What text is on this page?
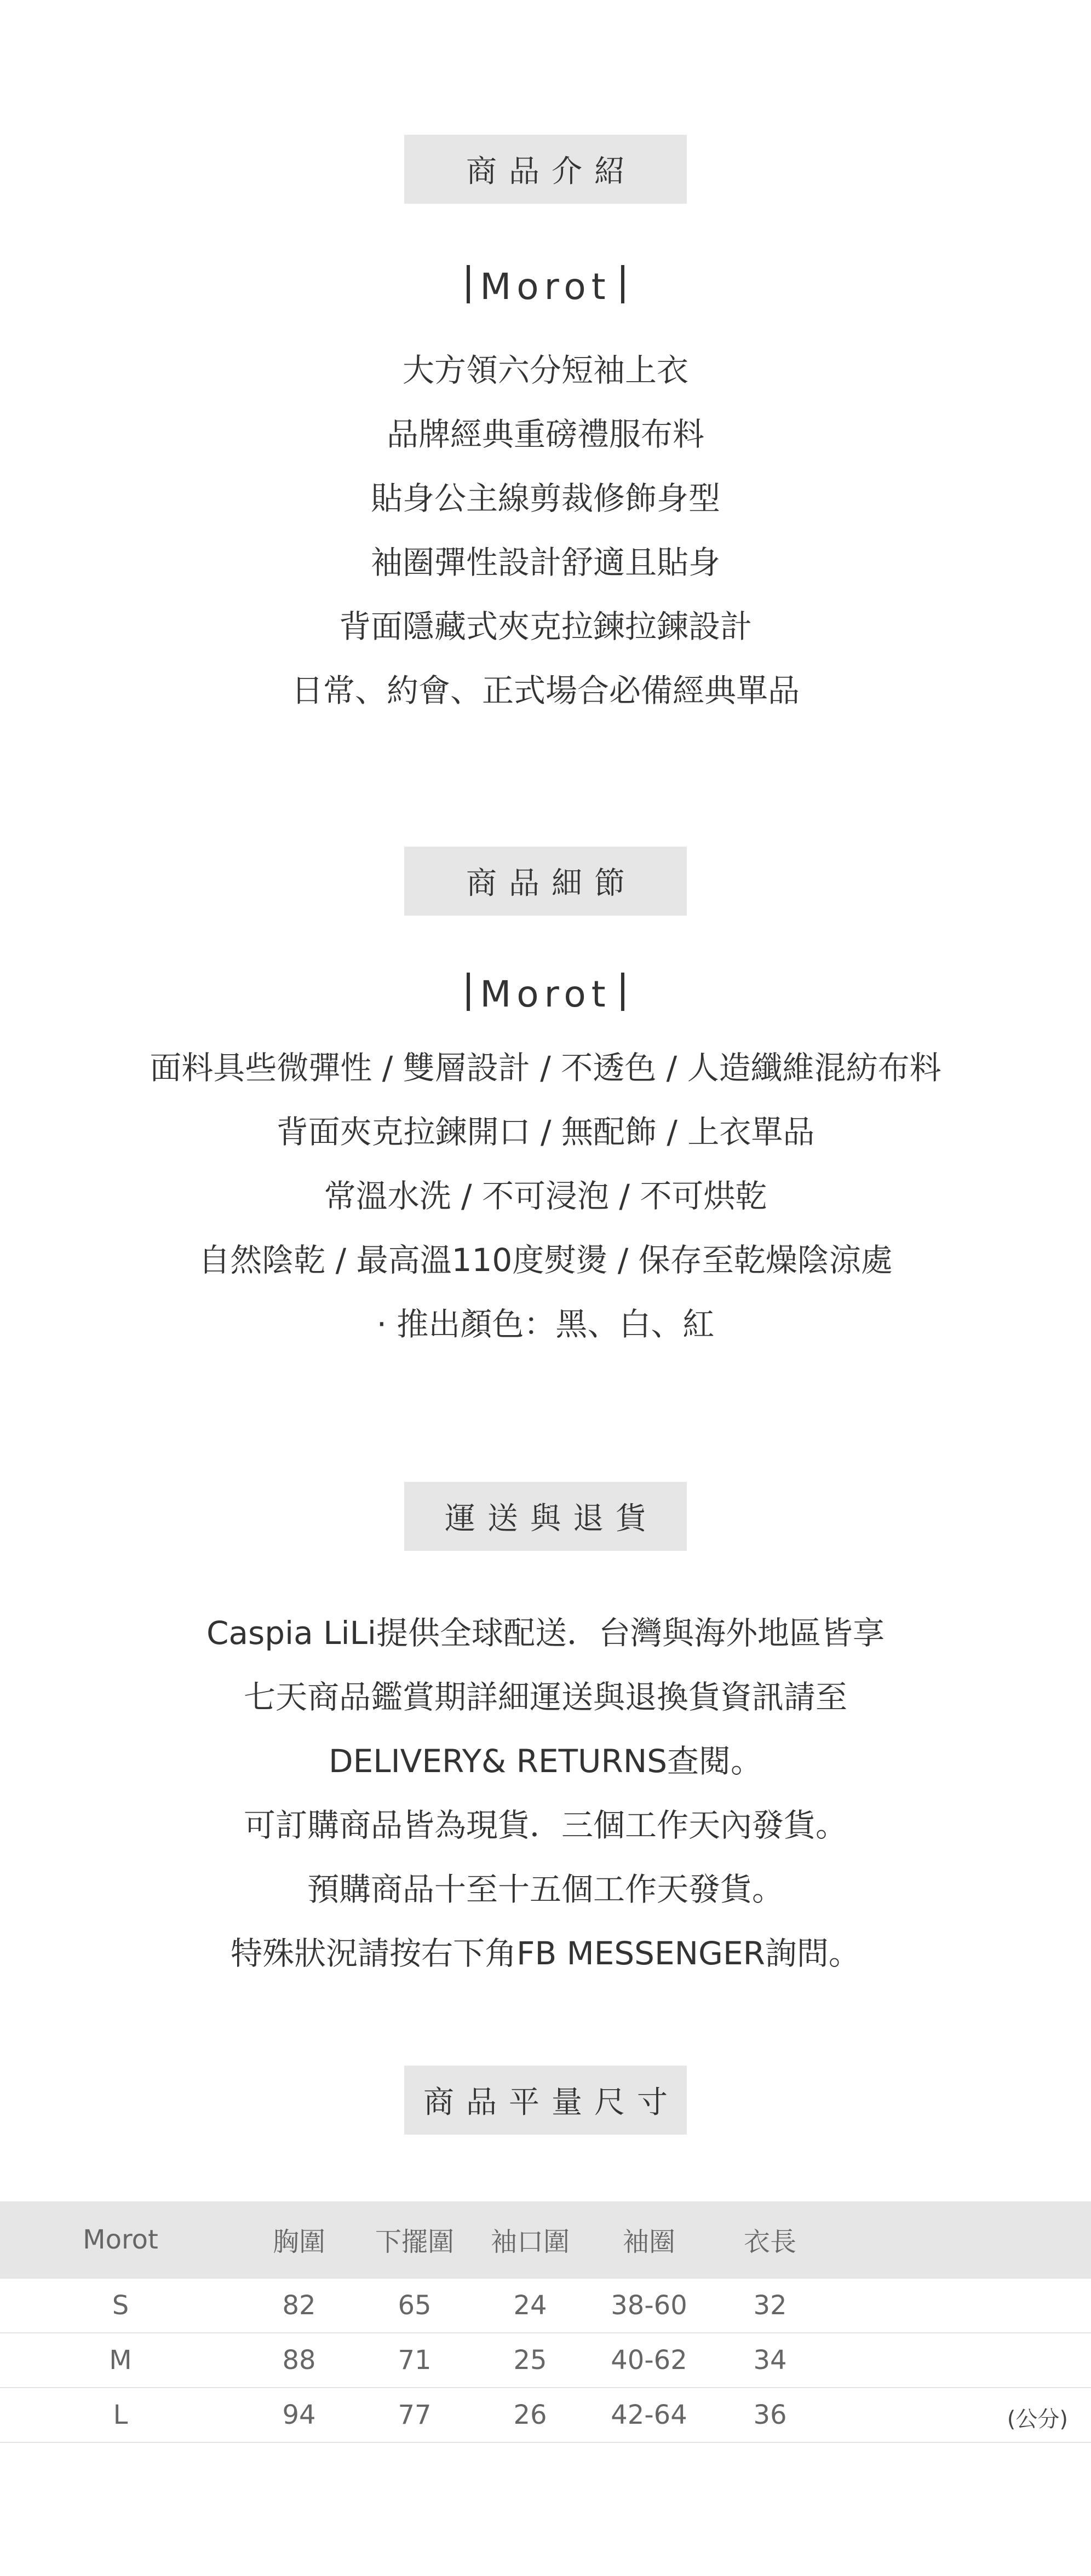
商品介紹
Morot
大方領六分短袖上衣
品牌經典重磅禮服布料
貼身公主線剪裁修飾身型
袖圈彈性設計舒適且貼身
背面隱藏式夾克拉鍊拉鍊設計
日常、約會、正式場合必備經典單品
商品細節
Morot
面料具些微彈性 / 雙層設計 / 不透色 / 人造纖維混紡布料
背面夾克拉鍊開口 / 無配飾 / 上衣單品
常溫水洗 / 不可浸泡 / 不可烘乾
自然陰乾 / 最高溫110度熨燙 / 保存至乾燥陰涼處
· 推出顏色：黑、白、紅
運送與退貨
Caspia LiLi提供全球配送．台灣與海外地區皆享
七天商品鑑賞期詳細運送與退換貨資訊請至
DELIVERY& RETURNS查閱。
可訂購商品皆為現貨．三個工作天內發貨。
預購商品十至十五個工作天發貨。
特殊狀況請按右下角FB MESSENGER詢問。
商品平量尺寸
Morot	胸圍	下擺圍	袖口圍	袖圈	衣長	
S	82	65	24	38-60	32	
M	88	71	25	40-62	34	
L	94	77	26	42-64	36		(公分)
